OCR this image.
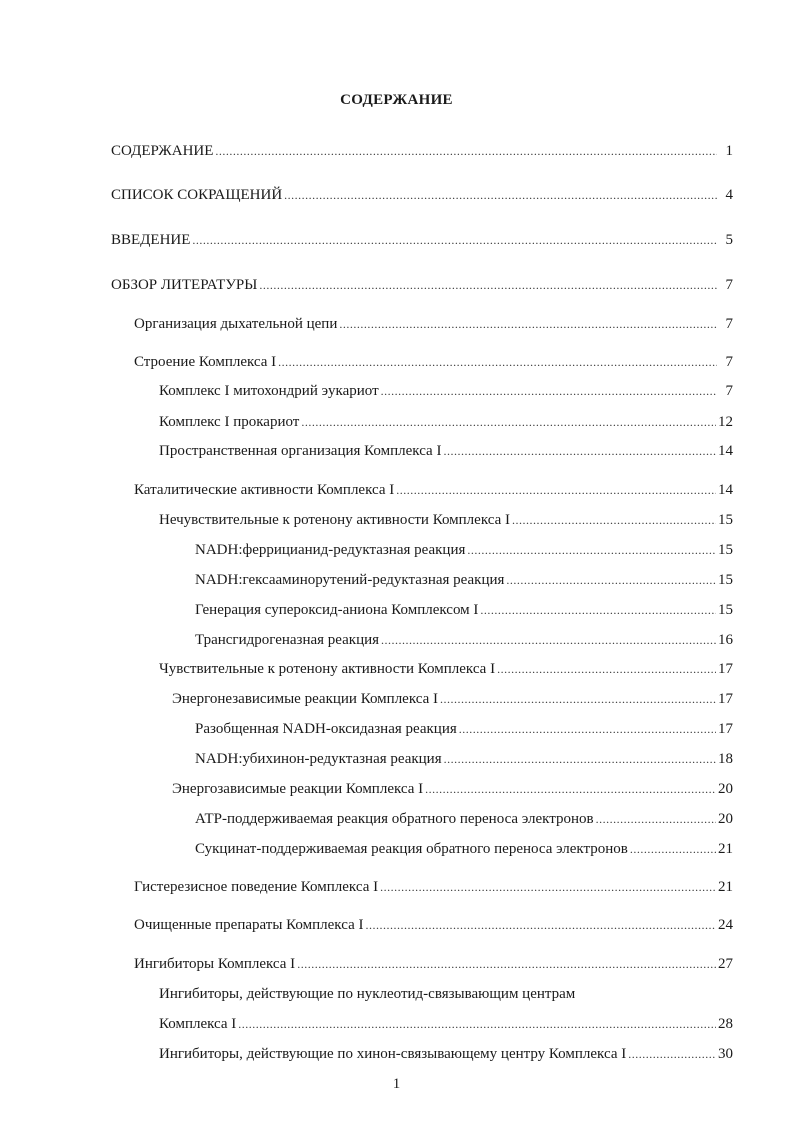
СОДЕРЖАНИЕ
СОДЕРЖАНИЕ .....	1
СПИСОК СОКРАЩЕНИЙ .....	4
ВВЕДЕНИЕ .....	5
ОБЗОР ЛИТЕРАТУРЫ .....	7
Организация дыхательной цепи .....	7
Строение Комплекса I .....	7
Комплекс I митохондрий эукариот .....	7
Комплекс I прокариот .....	12
Пространственная организация Комплекса I .....	14
Каталитические активности Комплекса I .....	14
Нечувствительные к ротенону активности Комплекса I .....	15
NADH:феррицианид-редуктазная реакция .....	15
NADH:гексааминорутений-редуктазная реакция .....	15
Генерация супероксид-аниона Комплексом I .....	15
Трансгидрогеназная реакция .....	16
Чувствительные к ротенону активности Комплекса I .....	17
Энергонезависимые реакции Комплекса I .....	17
Разобщенная NADH-оксидазная реакция .....	17
NADH:убихинон-редуктазная реакция .....	18
Энергозависимые реакции Комплекса I .....	20
АТР-поддерживаемая реакция обратного переноса электронов .....	20
Сукцинат-поддерживаемая реакция обратного переноса электронов .....	21
Гистерезисное поведение Комплекса I .....	21
Очищенные препараты Комплекса I .....	24
Ингибиторы Комплекса I .....	27
Ингибиторы, действующие по нуклеотид-связывающим центрам
Комплекса I .....	28
Ингибиторы, действующие по хинон-связывающему центру Комплекса I .....	30
1
